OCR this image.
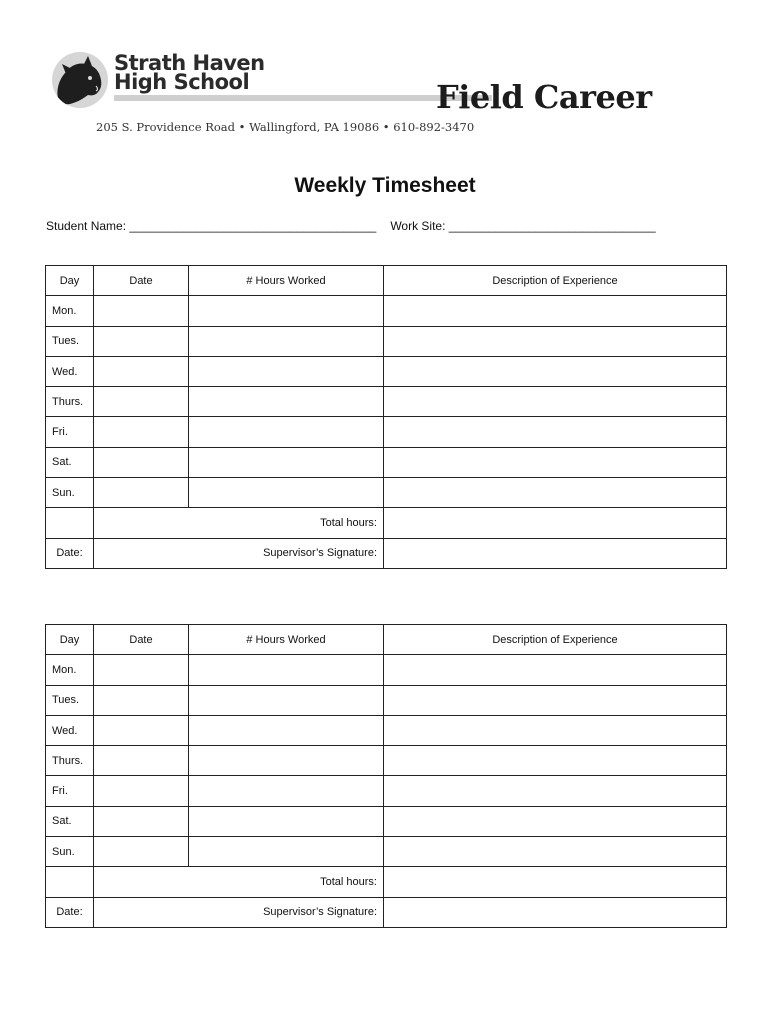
Strath Haven
High School	Field Career
205 S. Providence Road • Wallingford, PA 19086 • 610-892-3470
Weekly Timesheet
Student Name: _____________________________________ Work Site: _______________________________
Day	Date	# Hours Worked	Description of Experience
Mon.			
Tues.			
Wed.			
Thurs.			
Fri.			
Sat.			
Sun.			
	Total hours:		
Date:	Supervisor’s Signature:		
Day	Date	# Hours Worked	Description of Experience
Mon.			
Tues.			
Wed.			
Thurs.			
Fri.			
Sat.			
Sun.			
	Total hours:		
Date:	Supervisor’s Signature:		
